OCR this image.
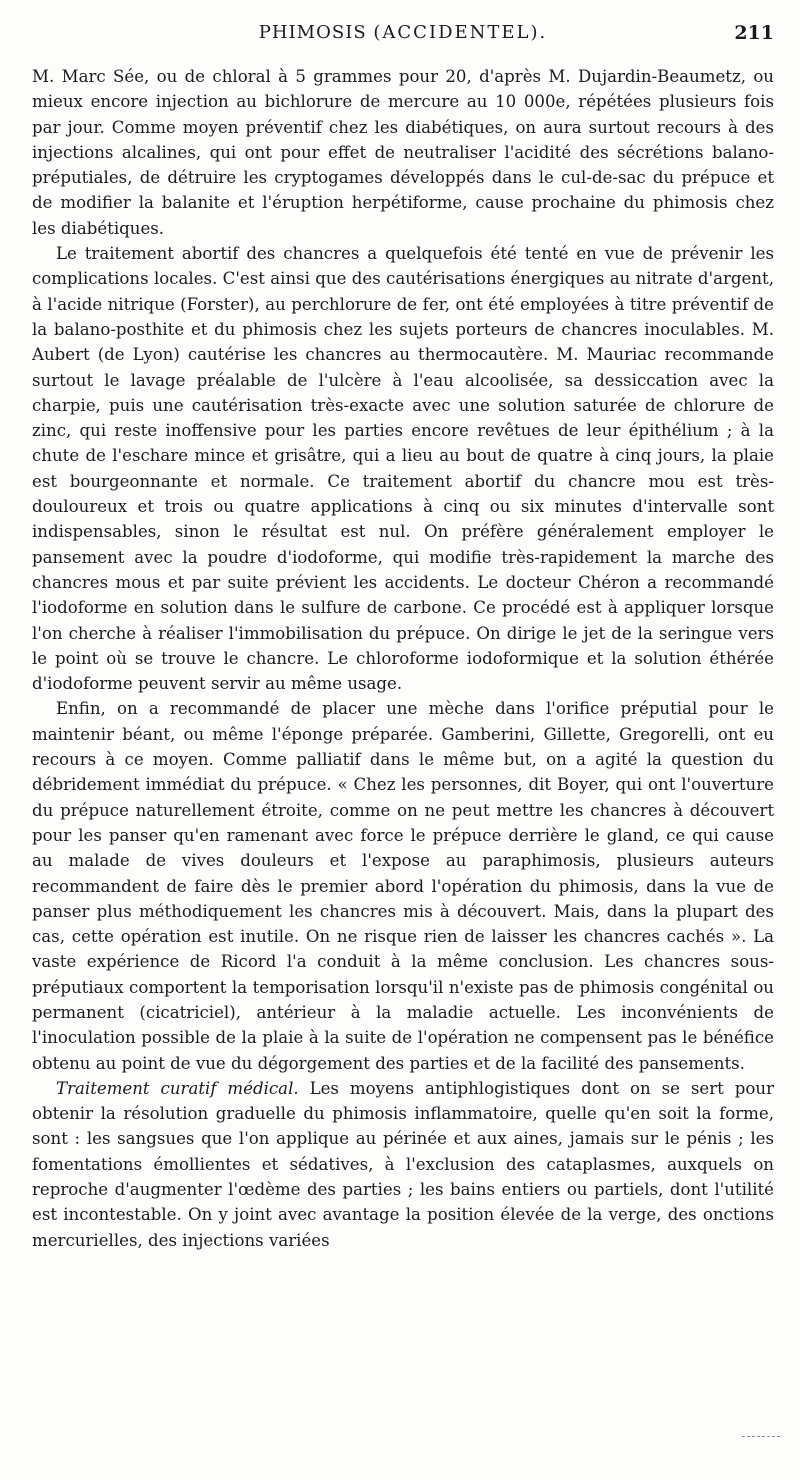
PHIMOSIS (ACCIDENTEL).	211

M. Marc Sée, ou de chloral à 5 grammes pour 20, d'après M. Dujardin-Beaumetz, ou mieux encore injection au bichlorure de mercure au 10 000e, répétées plusieurs fois par jour. Comme moyen préventif chez les diabétiques, on aura surtout recours à des injections alcalines, qui ont pour effet de neutraliser l'acidité des sécrétions balano-préputiales, de détruire les cryptogames développés dans le cul-de-sac du prépuce et de modifier la balanite et l'éruption herpétiforme, cause prochaine du phimosis chez les diabétiques.

Le traitement abortif des chancres a quelquefois été tenté en vue de prévenir les complications locales. C'est ainsi que des cautérisations énergiques au nitrate d'argent, à l'acide nitrique (Forster), au perchlorure de fer, ont été employées à titre préventif de la balano-posthite et du phimosis chez les sujets porteurs de chancres inoculables. M. Aubert (de Lyon) cautérise les chancres au thermocautère. M. Mauriac recommande surtout le lavage préalable de l'ulcère à l'eau alcoolisée, sa dessiccation avec la charpie, puis une cautérisation très-exacte avec une solution saturée de chlorure de zinc, qui reste inoffensive pour les parties encore revêtues de leur épithélium ; à la chute de l'eschare mince et grisâtre, qui a lieu au bout de quatre à cinq jours, la plaie est bourgeonnante et normale. Ce traitement abortif du chancre mou est très-douloureux et trois ou quatre applications à cinq ou six minutes d'intervalle sont indispensables, sinon le résultat est nul. On préfère généralement employer le pansement avec la poudre d'iodoforme, qui modifie très-rapidement la marche des chancres mous et par suite prévient les accidents. Le docteur Chéron a recommandé l'iodoforme en solution dans le sulfure de carbone. Ce procédé est à appliquer lorsque l'on cherche à réaliser l'immobilisation du prépuce. On dirige le jet de la seringue vers le point où se trouve le chancre. Le chloroforme iodoformique et la solution éthérée d'iodoforme peuvent servir au même usage.

Enfin, on a recommandé de placer une mèche dans l'orifice préputial pour le maintenir béant, ou même l'éponge préparée. Gamberini, Gillette, Gregorelli, ont eu recours à ce moyen. Comme palliatif dans le même but, on a agité la question du débridement immédiat du prépuce. « Chez les personnes, dit Boyer, qui ont l'ouverture du prépuce naturellement étroite, comme on ne peut mettre les chancres à découvert pour les panser qu'en ramenant avec force le prépuce derrière le gland, ce qui cause au malade de vives douleurs et l'expose au paraphimosis, plusieurs auteurs recommandent de faire dès le premier abord l'opération du phimosis, dans la vue de panser plus méthodiquement les chancres mis à découvert. Mais, dans la plupart des cas, cette opération est inutile. On ne risque rien de laisser les chancres cachés ». La vaste expérience de Ricord l'a conduit à la même conclusion. Les chancres sous-préputiaux comportent la temporisation lorsqu'il n'existe pas de phimosis congénital ou permanent (cicatriciel), antérieur à la maladie actuelle. Les inconvénients de l'inoculation possible de la plaie à la suite de l'opération ne compensent pas le bénéfice obtenu au point de vue du dégorgement des parties et de la facilité des pansements.

Traitement curatif médical. Les moyens antiphlogistiques dont on se sert pour obtenir la résolution graduelle du phimosis inflammatoire, quelle qu'en soit la forme, sont : les sangsues que l'on applique au périnée et aux aines, jamais sur le pénis ; les fomentations émollientes et sédatives, à l'exclusion des cataplasmes, auxquels on reproche d'augmenter l'œdème des parties ; les bains entiers ou partiels, dont l'utilité est incontestable. On y joint avec avantage la position élevée de la verge, des onctions mercurielles, des injections variées
